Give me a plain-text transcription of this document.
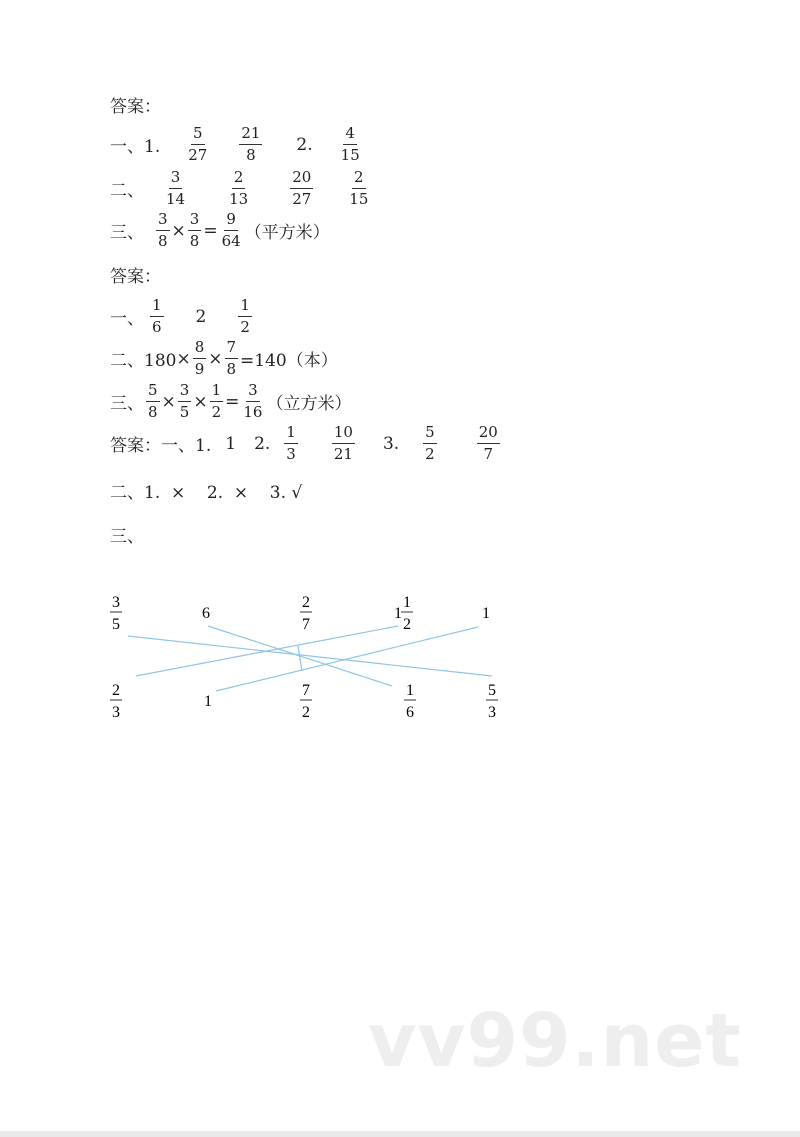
答案：
一、1. $\frac{5}{27} \frac{21}{8} 2$. $\frac{4}{15}$
二、 $\frac{3}{14}$	$\frac{2}{13}$	$\frac{20}{27} \frac{2}{15}$
三、 $\frac{3}{8} \times \frac{3}{8} = \frac{9}{64}$ （平方米）
答案：
一、 $\frac{1}{6} 2 \frac{1}{2}$
二、$180 \times \frac{8}{9} \times \frac{7}{8} =140$（本）
三、 $\frac{5}{8} \times \frac{3}{5} \times \frac{1}{2} = \frac{3}{16}$ （立方米）
答案：一、1. 1 2. $\frac{1}{3} \frac{10}{21} 3$. $\frac{5}{2}$	$\frac{20}{7}$
二、1.  ×    2.  ×    3. √
三、
3
5
6
2
7
1
1
2
1
2
3
1
7
2
1
6
5
3
vv99.net
